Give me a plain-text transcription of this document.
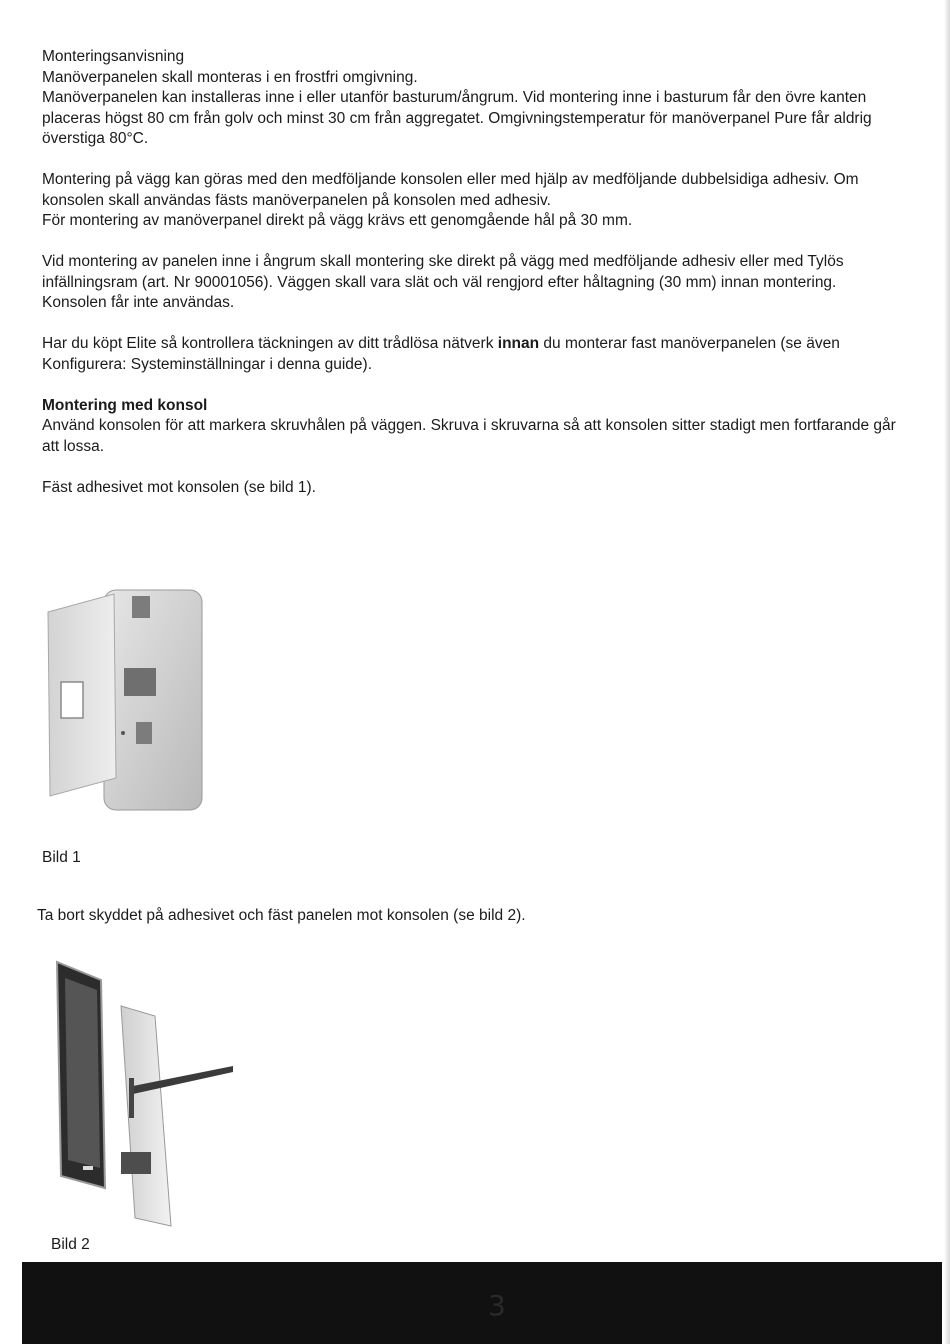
Monteringsanvisning
Manöverpanelen skall monteras i en frostfri omgivning.
Manöverpanelen kan installeras inne i eller utanför basturum/ångrum. Vid montering inne i basturum får den övre kanten placeras högst 80 cm från golv och minst 30 cm från aggregatet. Omgivningstemperatur för manöverpanel Pure får aldrig överstiga 80°C.

Montering på vägg kan göras med den medföljande konsolen eller med hjälp av medföljande dubbelsidiga adhesiv. Om konsolen skall användas fästs manöverpanelen på konsolen med adhesiv.
För montering av manöverpanel direkt på vägg krävs ett genomgående hål på 30 mm.

Vid montering av panelen inne i ångrum skall montering ske direkt på vägg med medföljande adhesiv eller med Tylös infällningsram (art. Nr 90001056). Väggen skall vara slät och väl rengjord efter håltagning (30 mm) innan montering. Konsolen får inte användas.

Har du köpt Elite så kontrollera täckningen av ditt trådlösa nätverk innan du monterar fast manöverpanelen (se även Konfigurera: Systeminställningar i denna guide).

Montering med konsol
Använd konsolen för att markera skruvhålen på väggen. Skruva i skruvarna så att konsolen sitter stadigt men fortfarande går att lossa.

Fäst adhesivet mot konsolen (se bild 1).

Bild 1
Ta bort skyddet på adhesivet och fäst panelen mot konsolen (se bild 2).
Bild 2
3
